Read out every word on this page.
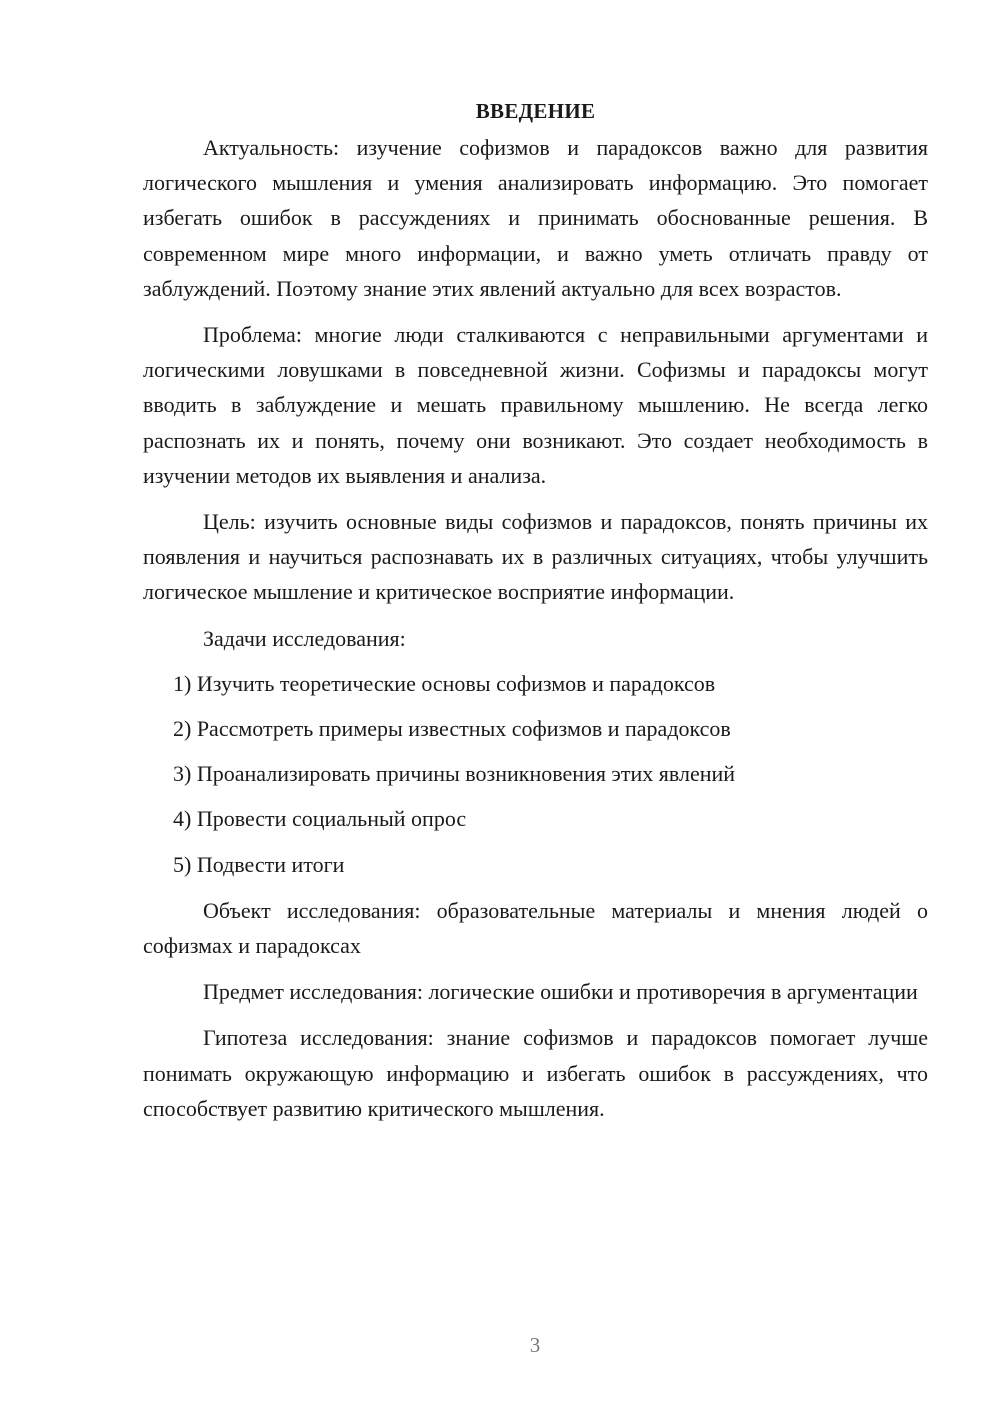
ВВЕДЕНИЕ

Актуальность: изучение софизмов и парадоксов важно для развития логического мышления и умения анализировать информацию. Это помогает избегать ошибок в рассуждениях и принимать обоснованные решения. В современном мире много информации, и важно уметь отличать правду от заблуждений. Поэтому знание этих явлений актуально для всех возрастов.

Проблема: многие люди сталкиваются с неправильными аргументами и логическими ловушками в повседневной жизни. Софизмы и парадоксы могут вводить в заблуждение и мешать правильному мышлению. Не всегда легко распознать их и понять, почему они возникают. Это создает необходимость в изучении методов их выявления и анализа.

Цель: изучить основные виды софизмов и парадоксов, понять причины их появления и научиться распознавать их в различных ситуациях, чтобы улучшить логическое мышление и критическое восприятие информации.

Задачи исследования:

1) Изучить теоретические основы софизмов и парадоксов

2) Рассмотреть примеры известных софизмов и парадоксов

3) Проанализировать причины возникновения этих явлений

4) Провести социальный опрос

5) Подвести итоги

Объект исследования: образовательные материалы и мнения людей о софизмах и парадоксах

Предмет исследования: логические ошибки и противоречия в аргументации

Гипотеза исследования: знание софизмов и парадоксов помогает лучше понимать окружающую информацию и избегать ошибок в рассуждениях, что способствует развитию критического мышления.

3
